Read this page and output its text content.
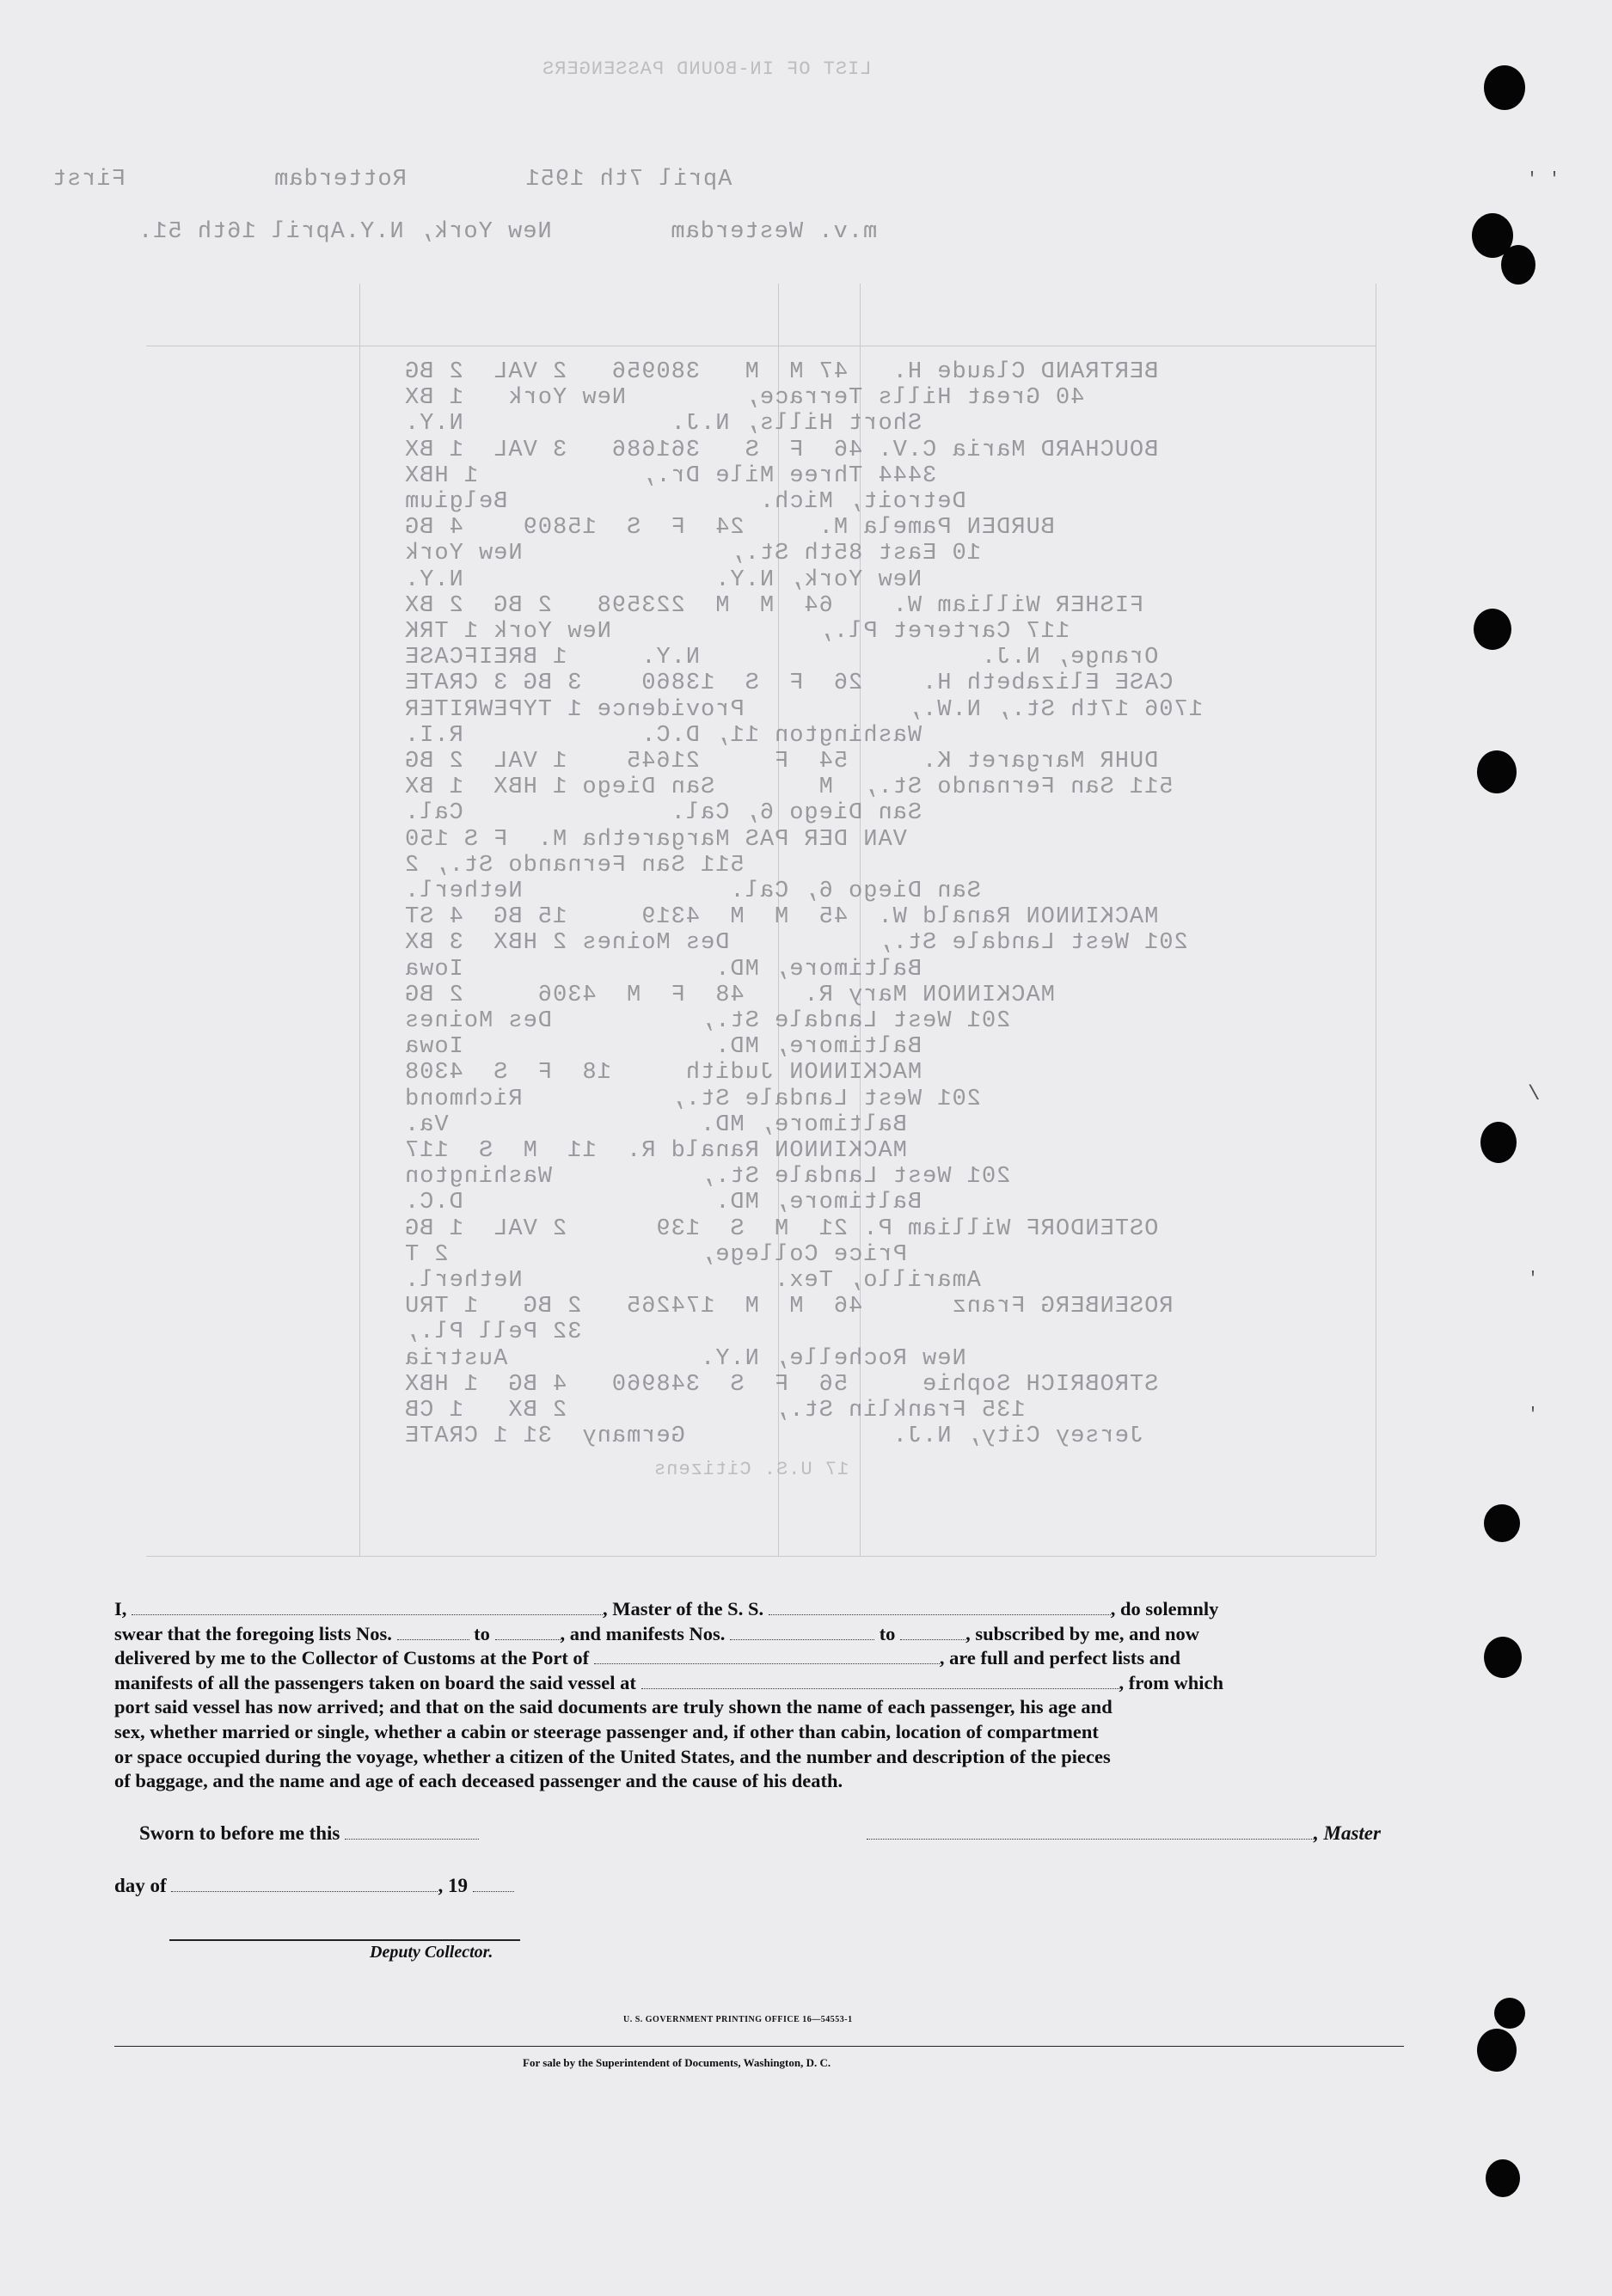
LIST OF IN-BOUND PASSENGERS
April 7th 1951        Rotterdam          First
m.v. Westerdam        New York, N.Y.April 16th 51.
BERTRAND Claude H.   47 M  M   380956   2 VAL  2 BG
40 Great Hills Terrace,        New York   1 BX
Short Hills, N.J.              N.Y.
BOUCHARD Maria C.V. 46  F  S   361686   3 VAL  1 BX
3444 Three Mile Dr.,           1 HBX
Detroit, Mich.                 Belgium
BURDEN Pamela M.     24  F  S  15809    4 BG
10 East 85th St.,              New York
New York, N.Y.                 N.Y.
FISHER William W.    64  M  M  223598   2 BG  2 BX
117 Carteret Pl.,              New York 1 TRK
Orange, N.J.                   N.Y.     1 BREIFCASE
CASE Elizabeth H.    26  F  S  13860    3 BG 3 CRATE
1706 17th St., N.W.,           Providence 1 TYPEWRITER
Washington 11, D.C.            R.I.
DUHR Margaret K.     54  F     21645    1 VAL  2 BG
511 San Fernando St.,  M       San Diego 1 HBX  1 BX
San Diego 6, Cal.              Cal.
VAN DER PAS Margaretha M.  F S 150
511 San Fernando St., 2
San Diego 6, Cal.              Netherl.
MACKINNON Ranald W.  45  M  M  4319     15 BG  4 ST
201 West Landale St.,          Des Moines 2 HBX  3 BX
Baltimore, MD.                 Iowa
MACKINNON Mary R.    48  F  M  4306     2 BG
201 West Landale St.,          Des Moines
Baltimore, MD.                 Iowa
MACKINNON Judith     18  F  S  4308
201 West Landale St.,          Richmond
Baltimore, MD.                 Va.
MACKINNON Ranald R.  11  M  S  117
201 West Landale St.,          Washington
Baltimore, MD.                 D.C.
OSTENDORF William P. 21  M  S  139      2 VAL  1 BG
Price College,                 2 T
Amarillo, Tex.                 Netherl.
ROSENBERG Franz      46  M  M  174265   2 BG   1 TRU
32 Pell Pl.,
New Rochelle, N.Y.             Austria
STROBRICH Sophie     56  F  S  348960   4 BG  1 HBX
135 Franklin St.,              2 BX   1 CB
Jersey City, N.J.              Germany  31 1 CRATE
17 U.S. Citizens

I,	, Master of the S. S.	, do solemnly

swear that the foregoing lists Nos.	to	, and manifests Nos.	to	, subscribed by me, and now

delivered by me to the Collector of Customs at the Port of	, are full and perfect lists and

manifests of all the passengers taken on board the said vessel at	, from which

port said vessel has now arrived; and that on the said documents are truly shown the name of each passenger, his age and

sex, whether married or single, whether a cabin or steerage passenger and, if other than cabin, location of compartment

or space occupied during the voyage, whether a citizen of the United States, and the number and description of the pieces

of baggage, and the name and age of each deceased passenger and the cause of his death.

Sworn to before me this	, Master
day of	, 19
Deputy Collector.
U. S. GOVERNMENT PRINTING OFFICE 16—54553-1
For sale by the Superintendent of Documents, Washington, D. C.
' '
/
'
'
